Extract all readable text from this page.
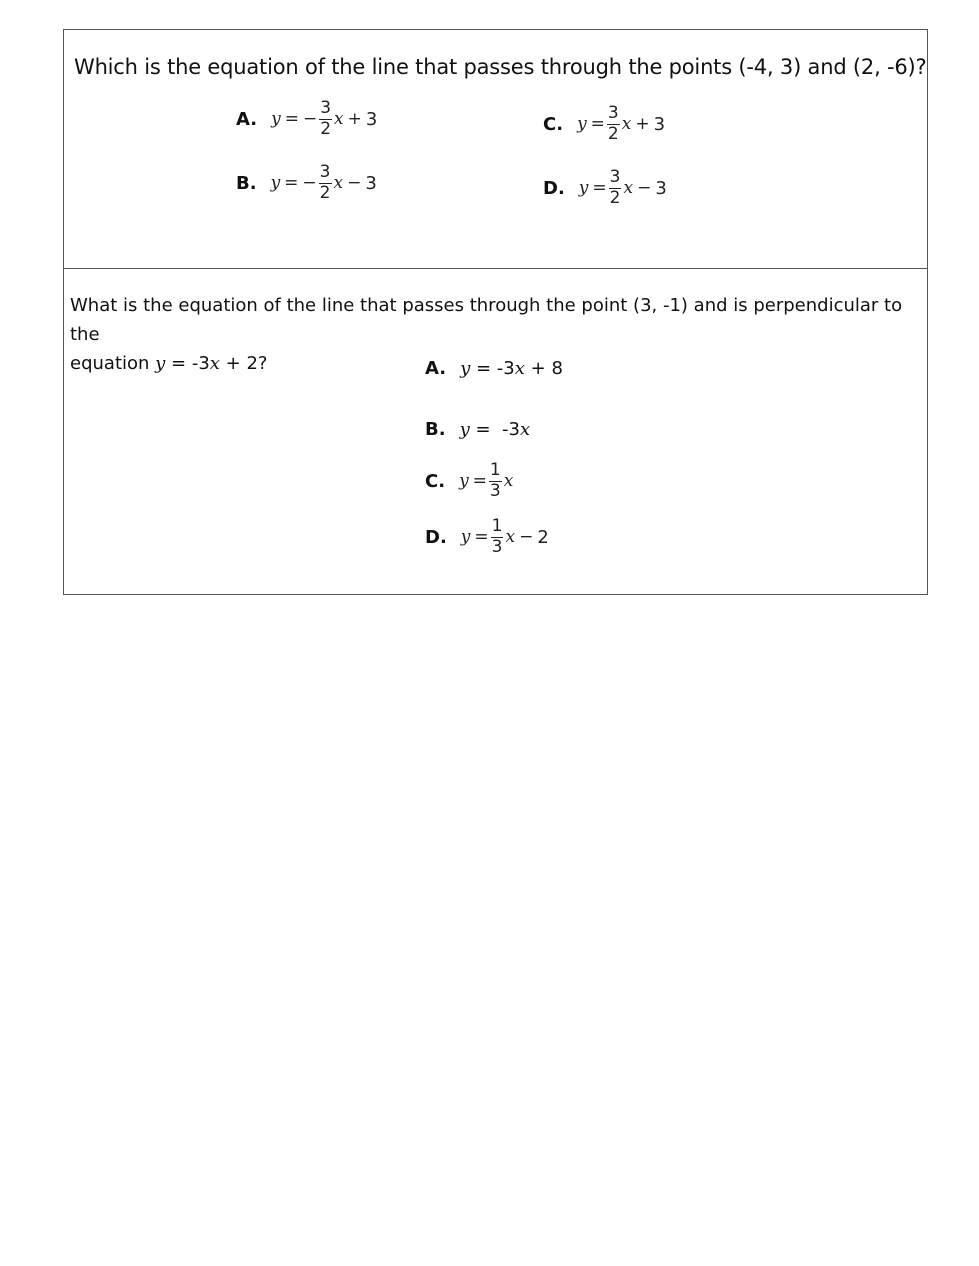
Which is the equation of the line that passes through the points (-4, 3) and (2, -6)?
A. y = − $\frac{3}{2}$ x + 3
B. y = − $\frac{3}{2}$ x − 3
C. $y = \frac{3}{2}$ x + 3
D. $y = \frac{3}{2}$ x − 3
What is the equation of the line that passes through the point (3, -1) and is perpendicular to the
equation y = -3x + 2?	A. y = -3x + 8
B. y =  -3x
C. $y = \frac{1}{3}$ x
D. $y = \frac{1}{3}$ x − 2
